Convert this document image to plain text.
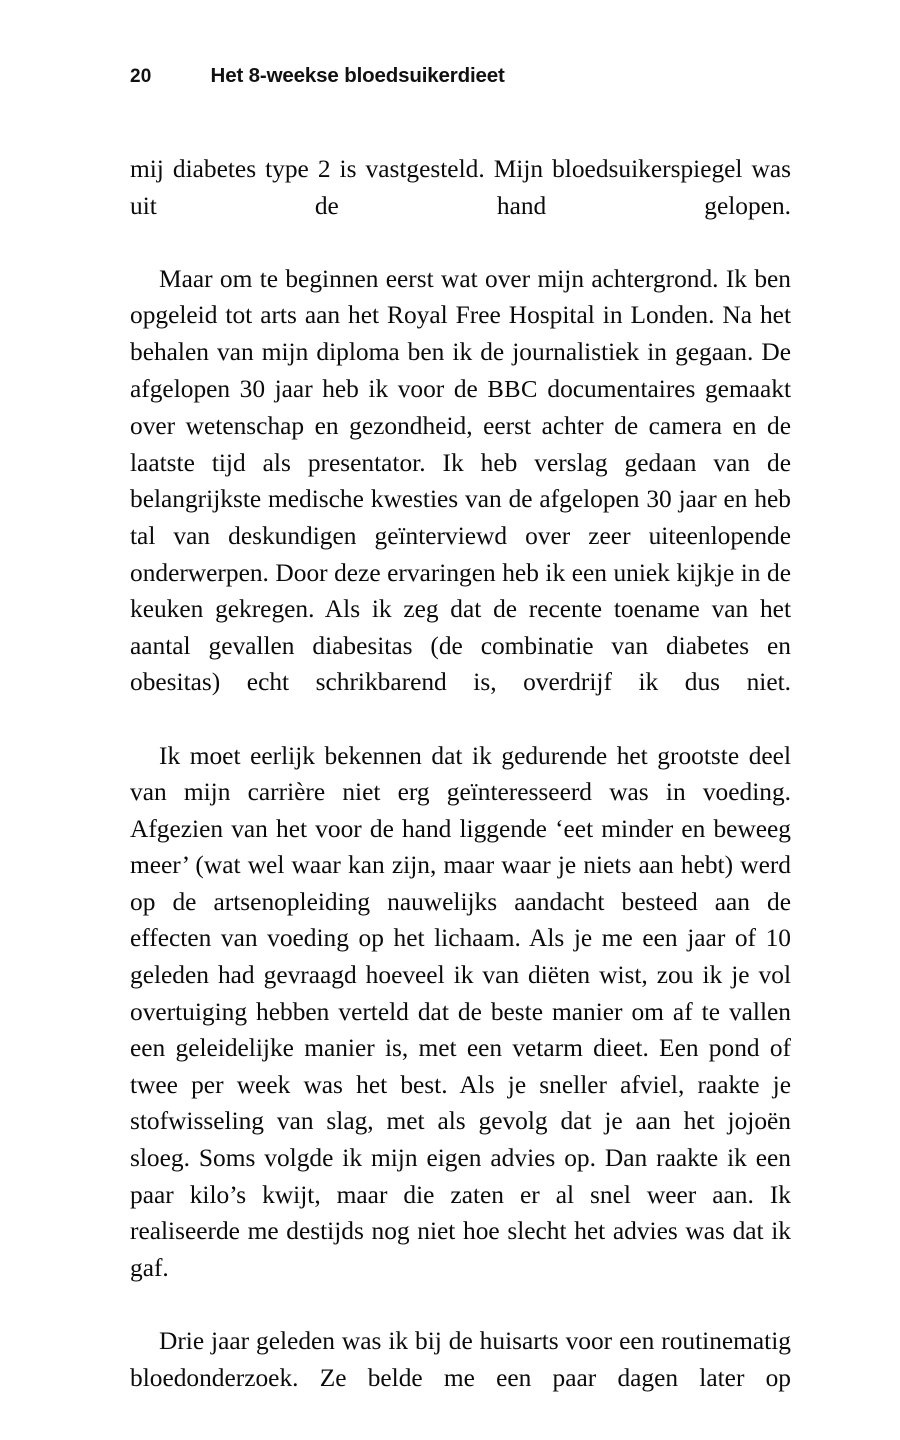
20	Het 8-weekse bloedsuikerdieet

mij diabetes type 2 is vastgesteld. Mijn bloedsuikerspiegel was uit de hand gelopen.

Maar om te beginnen eerst wat over mijn achtergrond. Ik ben opgeleid tot arts aan het Royal Free Hospital in Londen. Na het behalen van mijn diploma ben ik de journalistiek in gegaan. De afgelopen 30 jaar heb ik voor de BBC documentaires gemaakt over wetenschap en gezondheid, eerst achter de camera en de laatste tijd als presentator. Ik heb verslag gedaan van de belangrijkste medische kwesties van de afgelopen 30 jaar en heb tal van deskundigen geïnterviewd over zeer uiteenlopende onderwerpen. Door deze ervaringen heb ik een uniek kijkje in de keuken gekregen. Als ik zeg dat de recente toename van het aantal gevallen diabesitas (de combinatie van diabetes en obesitas) echt schrikbarend is, overdrijf ik dus niet.

Ik moet eerlijk bekennen dat ik gedurende het grootste deel van mijn carrière niet erg geïnteresseerd was in voeding. Afgezien van het voor de hand liggende ‘eet minder en beweeg meer’ (wat wel waar kan zijn, maar waar je niets aan hebt) werd op de artsenopleiding nauwelijks aandacht besteed aan de effecten van voeding op het lichaam. Als je me een jaar of 10 geleden had gevraagd hoeveel ik van diëten wist, zou ik je vol overtuiging hebben verteld dat de beste manier om af te vallen een geleidelijke manier is, met een vetarm dieet. Een pond of twee per week was het best. Als je sneller afviel, raakte je stofwisseling van slag, met als gevolg dat je aan het jojoën sloeg. Soms volgde ik mijn eigen advies op. Dan raakte ik een paar kilo’s kwijt, maar die zaten er al snel weer aan. Ik realiseerde me destijds nog niet hoe slecht het advies was dat ik gaf.

Drie jaar geleden was ik bij de huisarts voor een routinematig bloedonderzoek. Ze belde me een paar dagen later op
